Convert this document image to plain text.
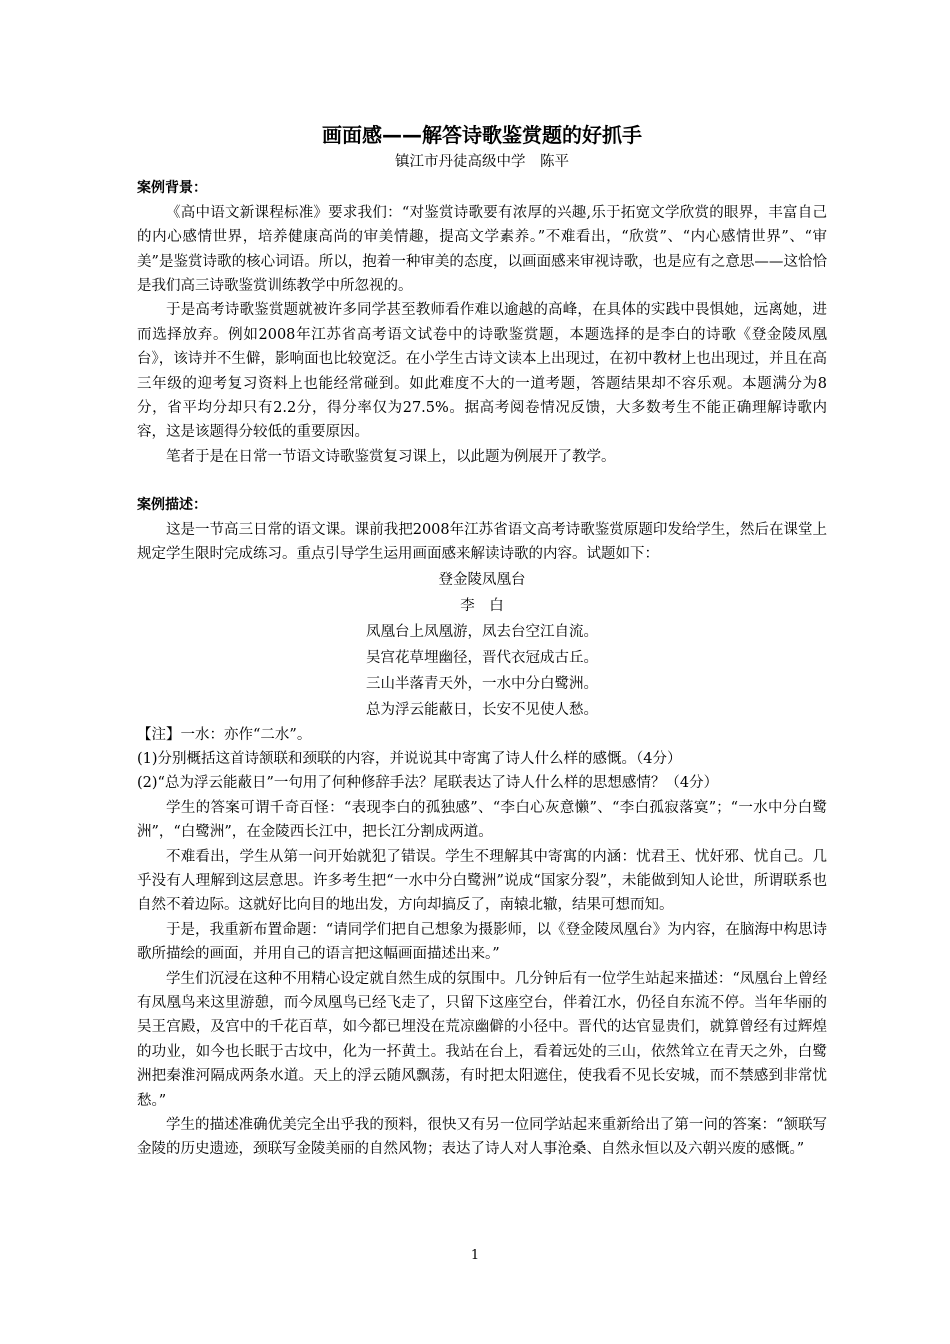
画面感——解答诗歌鉴赏题的好抓手
镇江市丹徒高级中学　陈平
案例背景：

《高中语文新课程标准》要求我们：“对鉴赏诗歌要有浓厚的兴趣,乐于拓宽文学欣赏的眼界，丰富自己的内心感情世界，培养健康高尚的审美情趣，提高文学素养。”不难看出，“欣赏”、“内心感情世界”、“审美”是鉴赏诗歌的核心词语。所以，抱着一种审美的态度，以画面感来审视诗歌，也是应有之意思——这恰恰是我们高三诗歌鉴赏训练教学中所忽视的。

于是高考诗歌鉴赏题就被许多同学甚至教师看作难以逾越的高峰，在具体的实践中畏惧她，远离她，进而选择放弃。例如2008年江苏省高考语文试卷中的诗歌鉴赏题，本题选择的是李白的诗歌《登金陵凤凰台》，该诗并不生僻，影响面也比较宽泛。在小学生古诗文读本上出现过，在初中教材上也出现过，并且在高三年级的迎考复习资料上也能经常碰到。如此难度不大的一道考题，答题结果却不容乐观。本题满分为8分，省平均分却只有2.2分，得分率仅为27.5%。据高考阅卷情况反馈，大多数考生不能正确理解诗歌内容，这是该题得分较低的重要原因。

笔者于是在日常一节语文诗歌鉴赏复习课上，以此题为例展开了教学。

案例描述：

这是一节高三日常的语文课。课前我把2008年江苏省语文高考诗歌鉴赏原题印发给学生，然后在课堂上规定学生限时完成练习。重点引导学生运用画面感来解读诗歌的内容。试题如下：

登金陵凤凰台
李　白
凤凰台上凤凰游，凤去台空江自流。
吴宫花草埋幽径，晋代衣冠成古丘。
三山半落青天外，一水中分白鹭洲。
总为浮云能蔽日，长安不见使人愁。

【注】一水：亦作“二水”。

(1)分别概括这首诗颔联和颈联的内容，并说说其中寄寓了诗人什么样的感慨。（4分）

(2)“总为浮云能蔽日”一句用了何种修辞手法？尾联表达了诗人什么样的思想感情？（4分）

学生的答案可谓千奇百怪：“表现李白的孤独感”、“李白心灰意懒”、“李白孤寂落寞”；“一水中分白鹭洲”，“白鹭洲”，在金陵西长江中，把长江分割成两道。

不难看出，学生从第一问开始就犯了错误。学生不理解其中寄寓的内涵：忧君王、忧奸邪、忧自己。几乎没有人理解到这层意思。许多考生把“一水中分白鹭洲”说成“国家分裂”，未能做到知人论世，所谓联系也自然不着边际。这就好比向目的地出发，方向却搞反了，南辕北辙，结果可想而知。

于是，我重新布置命题：“请同学们把自己想象为摄影师，以《登金陵凤凰台》为内容，在脑海中构思诗歌所描绘的画面，并用自己的语言把这幅画面描述出来。”

学生们沉浸在这种不用精心设定就自然生成的氛围中。几分钟后有一位学生站起来描述：“凤凰台上曾经有凤凰鸟来这里游憩，而今凤凰鸟已经飞走了，只留下这座空台，伴着江水，仍径自东流不停。当年华丽的吴王宫殿，及宫中的千花百草，如今都已埋没在荒凉幽僻的小径中。晋代的达官显贵们，就算曾经有过辉煌的功业，如今也长眠于古坟中，化为一抔黄土。我站在台上，看着远处的三山，依然耸立在青天之外，白鹭洲把秦淮河隔成两条水道。天上的浮云随风飘荡，有时把太阳遮住，使我看不见长安城，而不禁感到非常忧愁。”

学生的描述准确优美完全出乎我的预料，很快又有另一位同学站起来重新给出了第一问的答案：“颔联写金陵的历史遗迹，颈联写金陵美丽的自然风物；表达了诗人对人事沧桑、自然永恒以及六朝兴废的感慨。”

1
